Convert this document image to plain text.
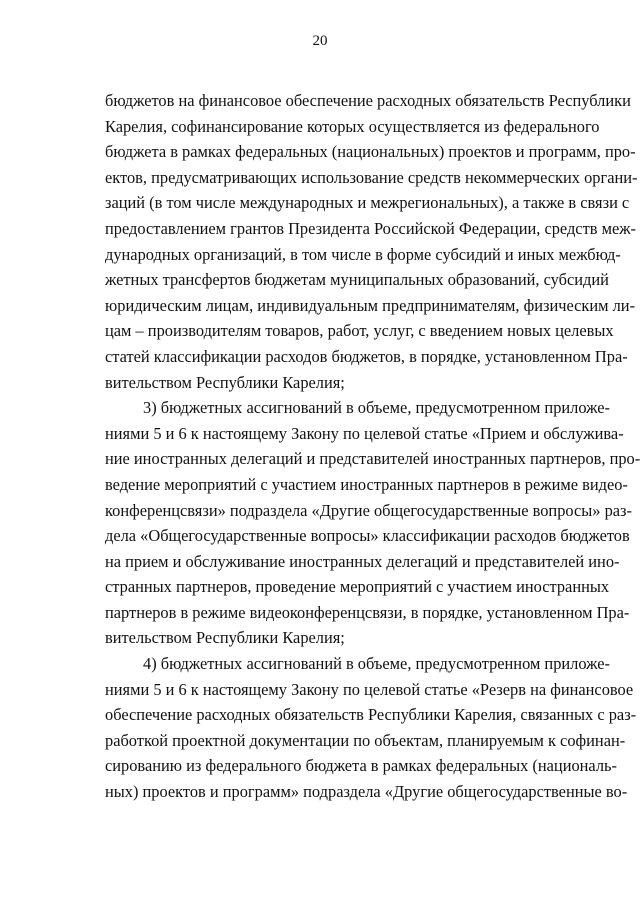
20
бюджетов на финансовое обеспечение расходных обязательств Республики
Карелия, софинансирование которых осуществляется из федерального
бюджета в рамках федеральных (национальных) проектов и программ, про-
ектов, предусматривающих использование средств некоммерческих органи-
заций (в том числе международных и межрегиональных), а также в связи с
предоставлением грантов Президента Российской Федерации, средств меж-
дународных организаций, в том числе в форме субсидий и иных межбюд-
жетных трансфертов бюджетам муниципальных образований, субсидий
юридическим лицам, индивидуальным предпринимателям, физическим ли-
цам – производителям товаров, работ, услуг, с введением новых целевых
статей классификации расходов бюджетов, в порядке, установленном Пра-
вительством Республики Карелия;
3) бюджетных ассигнований в объеме, предусмотренном приложе-
ниями 5 и 6 к настоящему Закону по целевой статье «Прием и обслужива-
ние иностранных делегаций и представителей иностранных партнеров, про-
ведение мероприятий с участием иностранных партнеров в режиме видео-
конференцсвязи» подраздела «Другие общегосударственные вопросы» раз-
дела «Общегосударственные вопросы» классификации расходов бюджетов
на прием и обслуживание иностранных делегаций и представителей ино-
странных партнеров, проведение мероприятий с участием иностранных
партнеров в режиме видеоконференцсвязи, в порядке, установленном Пра-
вительством Республики Карелия;
4) бюджетных ассигнований в объеме, предусмотренном приложе-
ниями 5 и 6 к настоящему Закону по целевой статье «Резерв на финансовое
обеспечение расходных обязательств Республики Карелия, связанных с раз-
работкой проектной документации по объектам, планируемым к софинан-
сированию из федерального бюджета в рамках федеральных (националь-
ных) проектов и программ» подраздела «Другие общегосударственные во-
